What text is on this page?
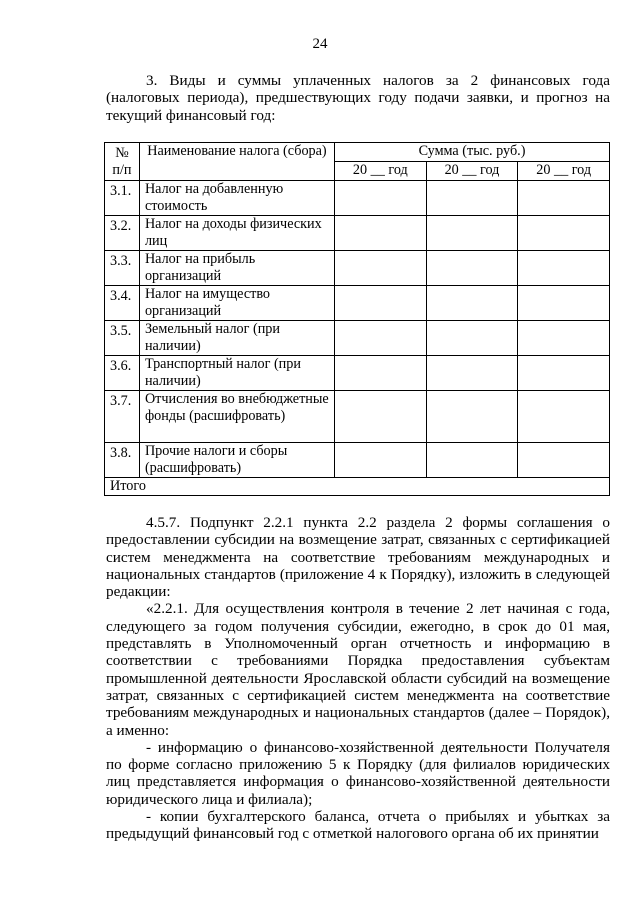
24
3. Виды и суммы уплаченных налогов за 2 финансовых года (налоговых периода), предшествующих году подачи заявки, и прогноз на текущий финансовый год:
№ п/п	Наименование налога (сбора)	Сумма (тыс. руб.)		
		20 __ год	20 __ год	20 __ год
3.1.	Налог на добавленную стоимость			
3.2.	Налог на доходы физических лиц			
3.3.	Налог на прибыль организаций			
3.4.	Налог на имущество организаций			
3.5.	Земельный налог (при наличии)			
3.6.	Транспортный налог (при наличии)			
3.7.	Отчисления во внебюджетные фонды (расшифровать)			
3.8.	Прочие налоги и сборы (расшифровать)			
Итого				

4.5.7. Подпункт 2.2.1 пункта 2.2 раздела 2 формы соглашения о предоставлении субсидии на возмещение затрат, связанных с сертификацией систем менеджмента на соответствие требованиям международных и национальных стандартов (приложение 4 к Порядку), изложить в следующей редакции:

«2.2.1. Для осуществления контроля в течение 2 лет начиная с года, следующего за годом получения субсидии, ежегодно, в срок до 01 мая, представлять в Уполномоченный орган отчетность и информацию в соответствии с требованиями Порядка предоставления субъектам промышленной деятельности Ярославской области субсидий на возмещение затрат, связанных с сертификацией систем менеджмента на соответствие требованиям международных и национальных стандартов (далее – Порядок), а именно:

- информацию о финансово-хозяйственной деятельности Получателя по форме согласно приложению 5 к Порядку (для филиалов юридических лиц представляется информация о финансово-хозяйственной деятельности юридического лица и филиала);

- копии бухгалтерского баланса, отчета о прибылях и убытках за предыдущий финансовый год с отметкой налогового органа об их принятии
